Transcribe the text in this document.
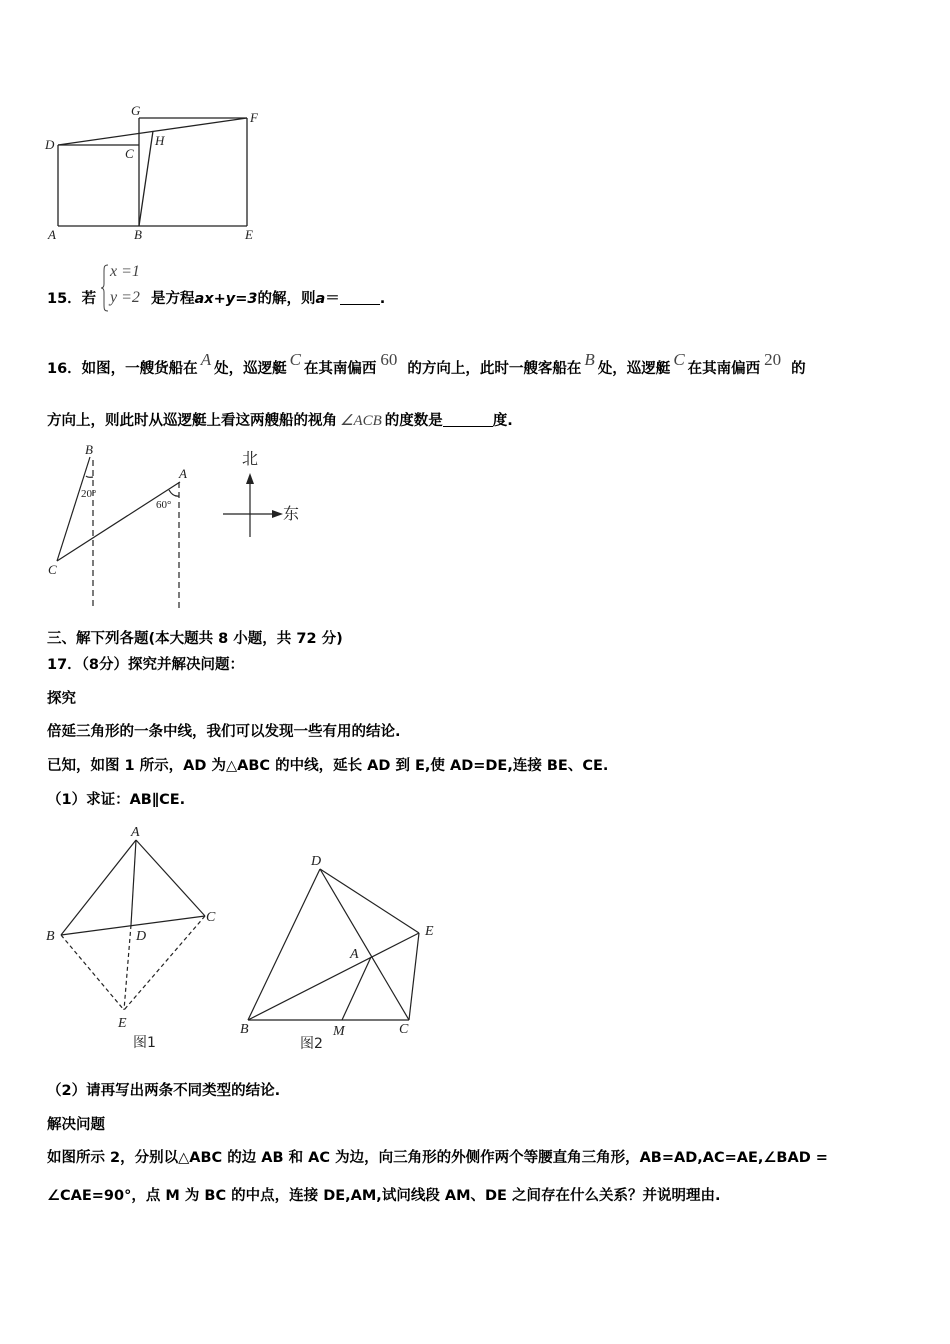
G	F
D
C
H
A	B	E
15．若
x =1
y =2 是方程ax+y=3的解，则a＝	.
16．如图，一艘货船在 A 处，巡逻艇 C 在其南偏西 60 的方向上，此时一艘客船在 B 处，巡逻艇 C 在其南偏西 20 的
方向上，则此时从巡逻艇上看这两艘船的视角 ∠ACB 的度数是	度.
B
A
C
20°
60°
北
东
三、解下列各题(本大题共 8 小题，共 72 分)
17．（8分）探究并解决问题：
探究
倍延三角形的一条中线，我们可以发现一些有用的结论.
已知，如图 1 所示，AD 为△ABC 的中线，延长 AD 到 E,使 AD=DE,连接 BE、CE.
（1）求证：AB∥CE.
A
B
C
D
E
图1
D
E
A
B	M	C
图2
（2）请再写出两条不同类型的结论.
解决问题
如图所示 2，分别以△ABC 的边 AB 和 AC 为边，向三角形的外侧作两个等腰直角三角形，AB=AD,AC=AE,∠BAD =
∠CAE=90°，点 M 为 BC 的中点，连接 DE,AM,试问线段 AM、DE 之间存在什么关系？并说明理由.
